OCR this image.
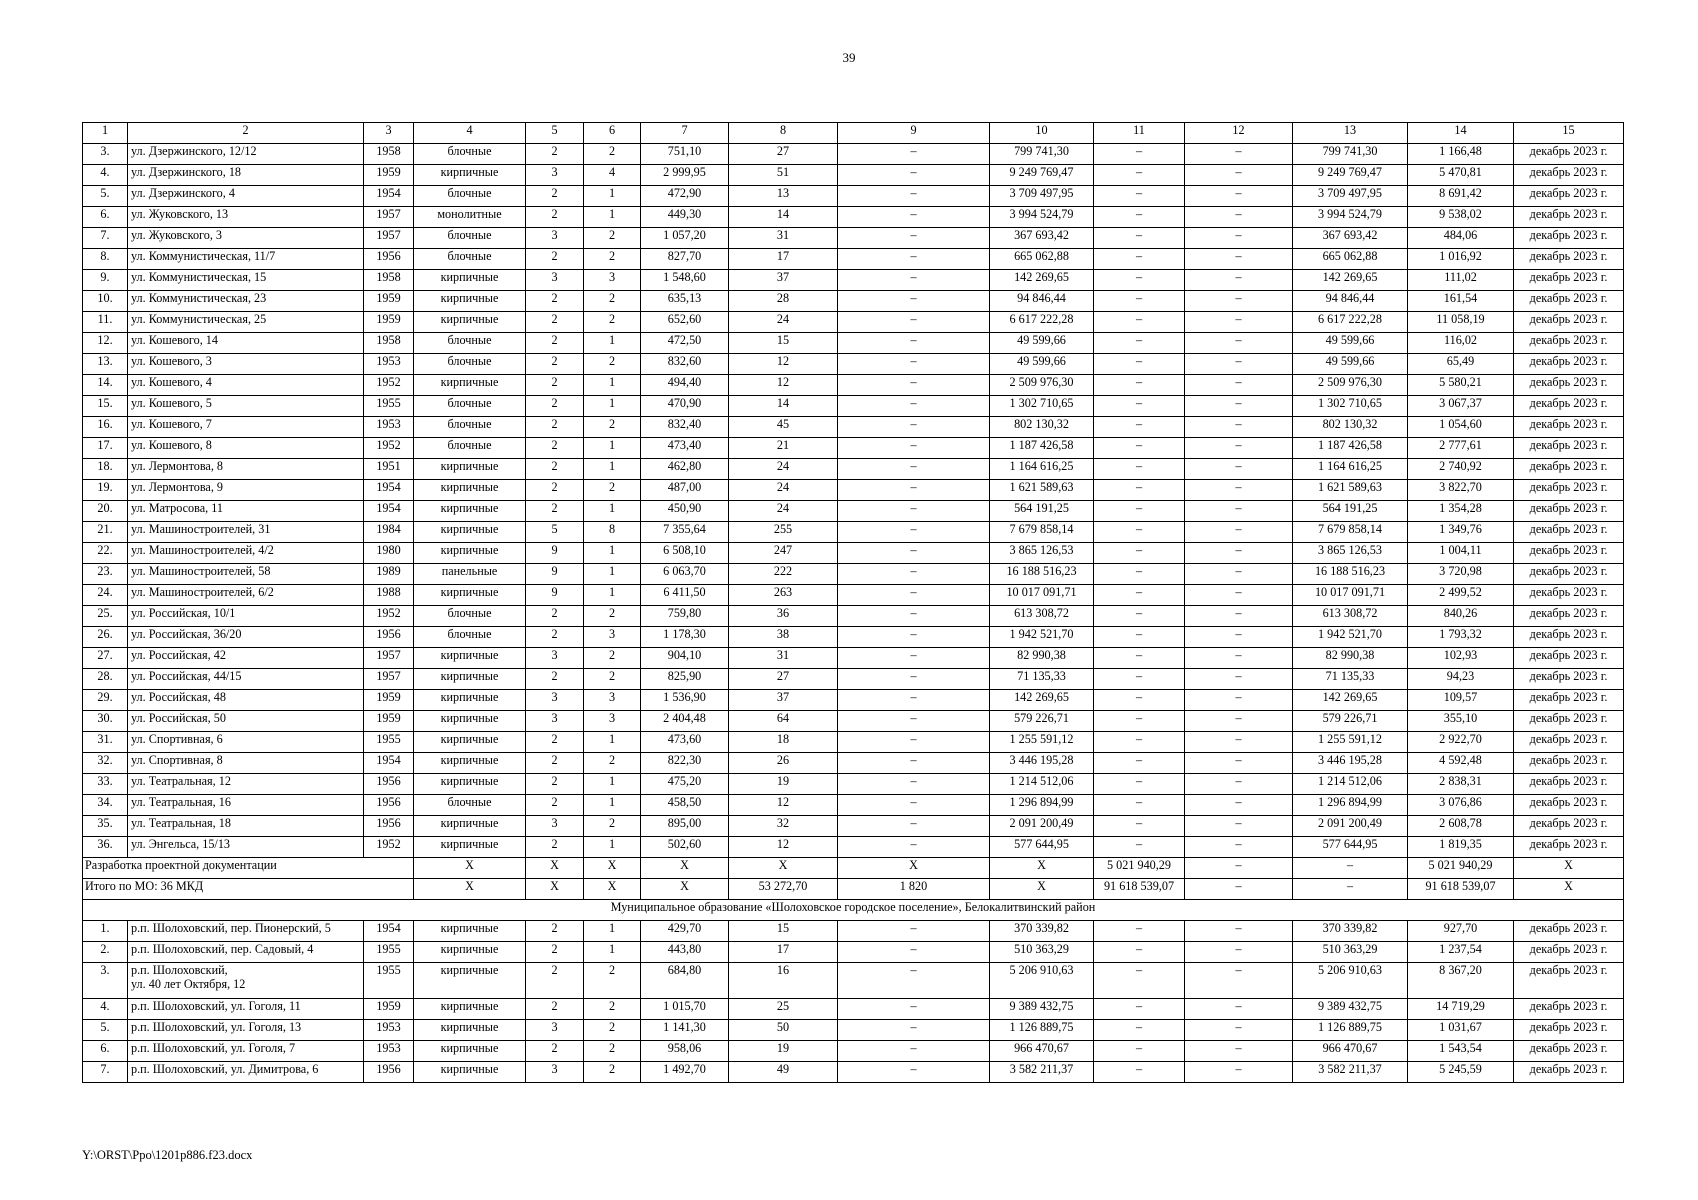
39
1	2	3	4	5	6	7	8	9	10	11	12	13	14	15	
3.	ул. Дзержинского, 12/12	1958	блочные	2	2	751,10	27	–	799 741,30	–	–	799 741,30	1 166,48	декабрь 2023 г.	
4.	ул. Дзержинского, 18	1959	кирпичные	3	4	2 999,95	51	–	9 249 769,47	–	–	9 249 769,47	5 470,81	декабрь 2023 г.	
5.	ул. Дзержинского, 4	1954	блочные	2	1	472,90	13	–	3 709 497,95	–	–	3 709 497,95	8 691,42	декабрь 2023 г.	
6.	ул. Жуковского, 13	1957	монолитные	2	1	449,30	14	–	3 994 524,79	–	–	3 994 524,79	9 538,02	декабрь 2023 г.	
7.	ул. Жуковского, 3	1957	блочные	3	2	1 057,20	31	–	367 693,42	–	–	367 693,42	484,06	декабрь 2023 г.	
8.	ул. Коммунистическая, 11/7	1956	блочные	2	2	827,70	17	–	665 062,88	–	–	665 062,88	1 016,92	декабрь 2023 г.	
9.	ул. Коммунистическая, 15	1958	кирпичные	3	3	1 548,60	37	–	142 269,65	–	–	142 269,65	111,02	декабрь 2023 г.	
10.	ул. Коммунистическая, 23	1959	кирпичные	2	2	635,13	28	–	94 846,44	–	–	94 846,44	161,54	декабрь 2023 г.	
11.	ул. Коммунистическая, 25	1959	кирпичные	2	2	652,60	24	–	6 617 222,28	–	–	6 617 222,28	11 058,19	декабрь 2023 г.	
12.	ул. Кошевого, 14	1958	блочные	2	1	472,50	15	–	49 599,66	–	–	49 599,66	116,02	декабрь 2023 г.	
13.	ул. Кошевого, 3	1953	блочные	2	2	832,60	12	–	49 599,66	–	–	49 599,66	65,49	декабрь 2023 г.	
14.	ул. Кошевого, 4	1952	кирпичные	2	1	494,40	12	–	2 509 976,30	–	–	2 509 976,30	5 580,21	декабрь 2023 г.	
15.	ул. Кошевого, 5	1955	блочные	2	1	470,90	14	–	1 302 710,65	–	–	1 302 710,65	3 067,37	декабрь 2023 г.	
16.	ул. Кошевого, 7	1953	блочные	2	2	832,40	45	–	802 130,32	–	–	802 130,32	1 054,60	декабрь 2023 г.	
17.	ул. Кошевого, 8	1952	блочные	2	1	473,40	21	–	1 187 426,58	–	–	1 187 426,58	2 777,61	декабрь 2023 г.	
18.	ул. Лермонтова, 8	1951	кирпичные	2	1	462,80	24	–	1 164 616,25	–	–	1 164 616,25	2 740,92	декабрь 2023 г.	
19.	ул. Лермонтова, 9	1954	кирпичные	2	2	487,00	24	–	1 621 589,63	–	–	1 621 589,63	3 822,70	декабрь 2023 г.	
20.	ул. Матросова, 11	1954	кирпичные	2	1	450,90	24	–	564 191,25	–	–	564 191,25	1 354,28	декабрь 2023 г.	
21.	ул. Машиностроителей, 31	1984	кирпичные	5	8	7 355,64	255	–	7 679 858,14	–	–	7 679 858,14	1 349,76	декабрь 2023 г.	
22.	ул. Машиностроителей, 4/2	1980	кирпичные	9	1	6 508,10	247	–	3 865 126,53	–	–	3 865 126,53	1 004,11	декабрь 2023 г.	
23.	ул. Машиностроителей, 58	1989	панельные	9	1	6 063,70	222	–	16 188 516,23	–	–	16 188 516,23	3 720,98	декабрь 2023 г.	
24.	ул. Машиностроителей, 6/2	1988	кирпичные	9	1	6 411,50	263	–	10 017 091,71	–	–	10 017 091,71	2 499,52	декабрь 2023 г.	
25.	ул. Российская, 10/1	1952	блочные	2	2	759,80	36	–	613 308,72	–	–	613 308,72	840,26	декабрь 2023 г.	
26.	ул. Российская, 36/20	1956	блочные	2	3	1 178,30	38	–	1 942 521,70	–	–	1 942 521,70	1 793,32	декабрь 2023 г.	
27.	ул. Российская, 42	1957	кирпичные	3	2	904,10	31	–	82 990,38	–	–	82 990,38	102,93	декабрь 2023 г.	
28.	ул. Российская, 44/15	1957	кирпичные	2	2	825,90	27	–	71 135,33	–	–	71 135,33	94,23	декабрь 2023 г.	
29.	ул. Российская, 48	1959	кирпичные	3	3	1 536,90	37	–	142 269,65	–	–	142 269,65	109,57	декабрь 2023 г.	
30.	ул. Российская, 50	1959	кирпичные	3	3	2 404,48	64	–	579 226,71	–	–	579 226,71	355,10	декабрь 2023 г.	
31.	ул. Спортивная, 6	1955	кирпичные	2	1	473,60	18	–	1 255 591,12	–	–	1 255 591,12	2 922,70	декабрь 2023 г.	
32.	ул. Спортивная, 8	1954	кирпичные	2	2	822,30	26	–	3 446 195,28	–	–	3 446 195,28	4 592,48	декабрь 2023 г.	
33.	ул. Театральная, 12	1956	кирпичные	2	1	475,20	19	–	1 214 512,06	–	–	1 214 512,06	2 838,31	декабрь 2023 г.	
34.	ул. Театральная, 16	1956	блочные	2	1	458,50	12	–	1 296 894,99	–	–	1 296 894,99	3 076,86	декабрь 2023 г.	
35.	ул. Театральная, 18	1956	кирпичные	3	2	895,00	32	–	2 091 200,49	–	–	2 091 200,49	2 608,78	декабрь 2023 г.	
36.	ул. Энгельса, 15/13	1952	кирпичные	2	1	502,60	12	–	577 644,95	–	–	577 644,95	1 819,35	декабрь 2023 г.	
Разработка проектной документации			X	X	X	X	X	X	X	5 021 940,29	–	–	5 021 940,29	X	
Итого по МО: 36 МКД			X	X	X	X	53 272,70	1 820	X	91 618 539,07	–	–	91 618 539,07	X	
Муниципальное образование «Шолоховское городское поселение», Белокалитвинский район															
1.	р.п. Шолоховский, пер. Пионерский, 5	1954	кирпичные	2	1	429,70	15	–	370 339,82	–	–	370 339,82	927,70	декабрь 2023 г.	
2.	р.п. Шолоховский, пер. Садовый, 4	1955	кирпичные	2	1	443,80	17	–	510 363,29	–	–	510 363,29	1 237,54	декабрь 2023 г.	
3.	р.п. Шолоховский,
ул. 40 лет Октября, 12	1955	кирпичные	2	2	684,80	16	–	5 206 910,63	–	–	5 206 910,63	8 367,20	декабрь 2023 г.	
4.	р.п. Шолоховский, ул. Гоголя, 11	1959	кирпичные	2	2	1 015,70	25	–	9 389 432,75	–	–	9 389 432,75	14 719,29	декабрь 2023 г.	
5.	р.п. Шолоховский, ул. Гоголя, 13	1953	кирпичные	3	2	1 141,30	50	–	1 126 889,75	–	–	1 126 889,75	1 031,67	декабрь 2023 г.	
6.	р.п. Шолоховский, ул. Гоголя, 7	1953	кирпичные	2	2	958,06	19	–	966 470,67	–	–	966 470,67	1 543,54	декабрь 2023 г.	
7.	р.п. Шолоховский, ул. Димитрова, 6	1956	кирпичные	3	2	1 492,70	49	–	3 582 211,37	–	–	3 582 211,37	5 245,59	декабрь 2023 г.	
Y:\ORST\Ppo\1201p886.f23.docx
